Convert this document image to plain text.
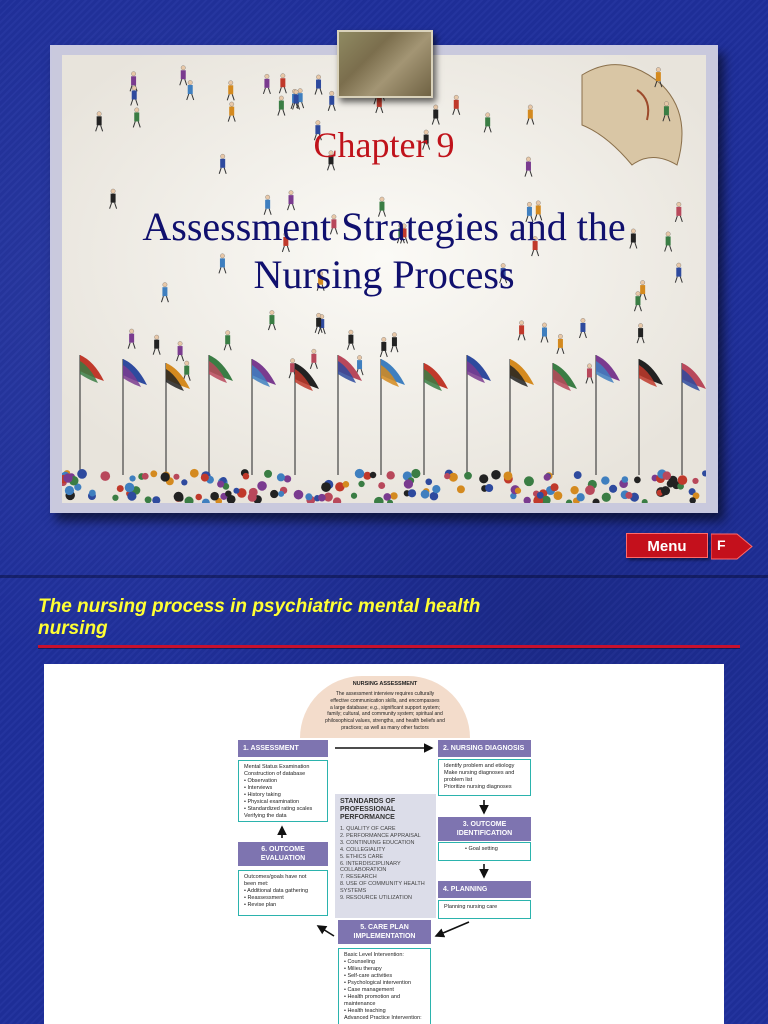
Chapter 9
Assessment Strategies and the
Nursing Process
Menu	F
The nursing process in psychiatric mental health
nursing
NURSING ASSESSMENT
The assessment interview requires culturally
effective communication skills, and encompasses
a large database; e.g., significant support system;
family; cultural, and community system; spiritual and
philosophical values, strengths, and health beliefs and
practices; as well as many other factors
1. ASSESSMENT
Mental Status Examination
Construction of database
• Observation
• Interviews
• History taking
• Physical examination
• Standardized rating scales
Verifying the data
2. NURSING DIAGNOSIS
Identify problem and etiology
Make nursing diagnoses and
problem list
Prioritize nursing diagnoses
STANDARDS OF
PROFESSIONAL
PERFORMANCE
1. QUALITY OF CARE
2. PERFORMANCE APPRAISAL
3. CONTINUING EDUCATION
4. COLLEGIALITY
5. ETHICS CARE
6. INTERDISCIPLINARY
COLLABORATION
7. RESEARCH
8. USE OF COMMUNITY HEALTH
SYSTEMS
9. RESOURCE UTILIZATION
3. OUTCOME
IDENTIFICATION
• Goal setting
4. PLANNING
Planning nursing care
6. OUTCOME
EVALUATION
Outcomes/goals have not
been met:
• Additional data gathering
• Reassessment
• Revise plan
5. CARE PLAN
IMPLEMENTATION
Basic Level Intervention:
• Counseling
• Milieu therapy
• Self-care activities
• Psychological intervention
• Case management
• Health promotion and
maintenance
• Health teaching
Advanced Practice Intervention:
